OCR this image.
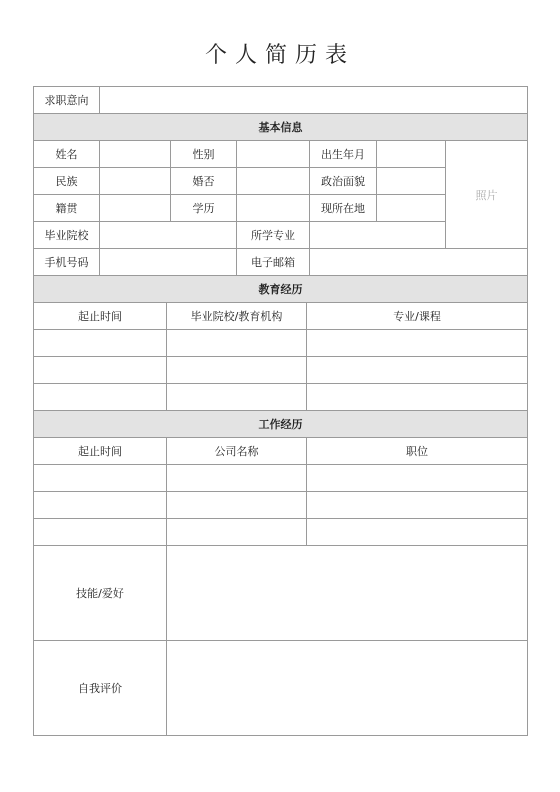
个人简历表
求职意向
基本信息
姓名	性别	出生年月
民族	婚否	政治面貌
籍贯	学历	现所在地
毕业院校	所学专业
照片
手机号码	电子邮箱
教育经历
起止时间	毕业院校/教育机构	专业/课程
工作经历
起止时间	公司名称	职位
技能/爱好
自我评价
